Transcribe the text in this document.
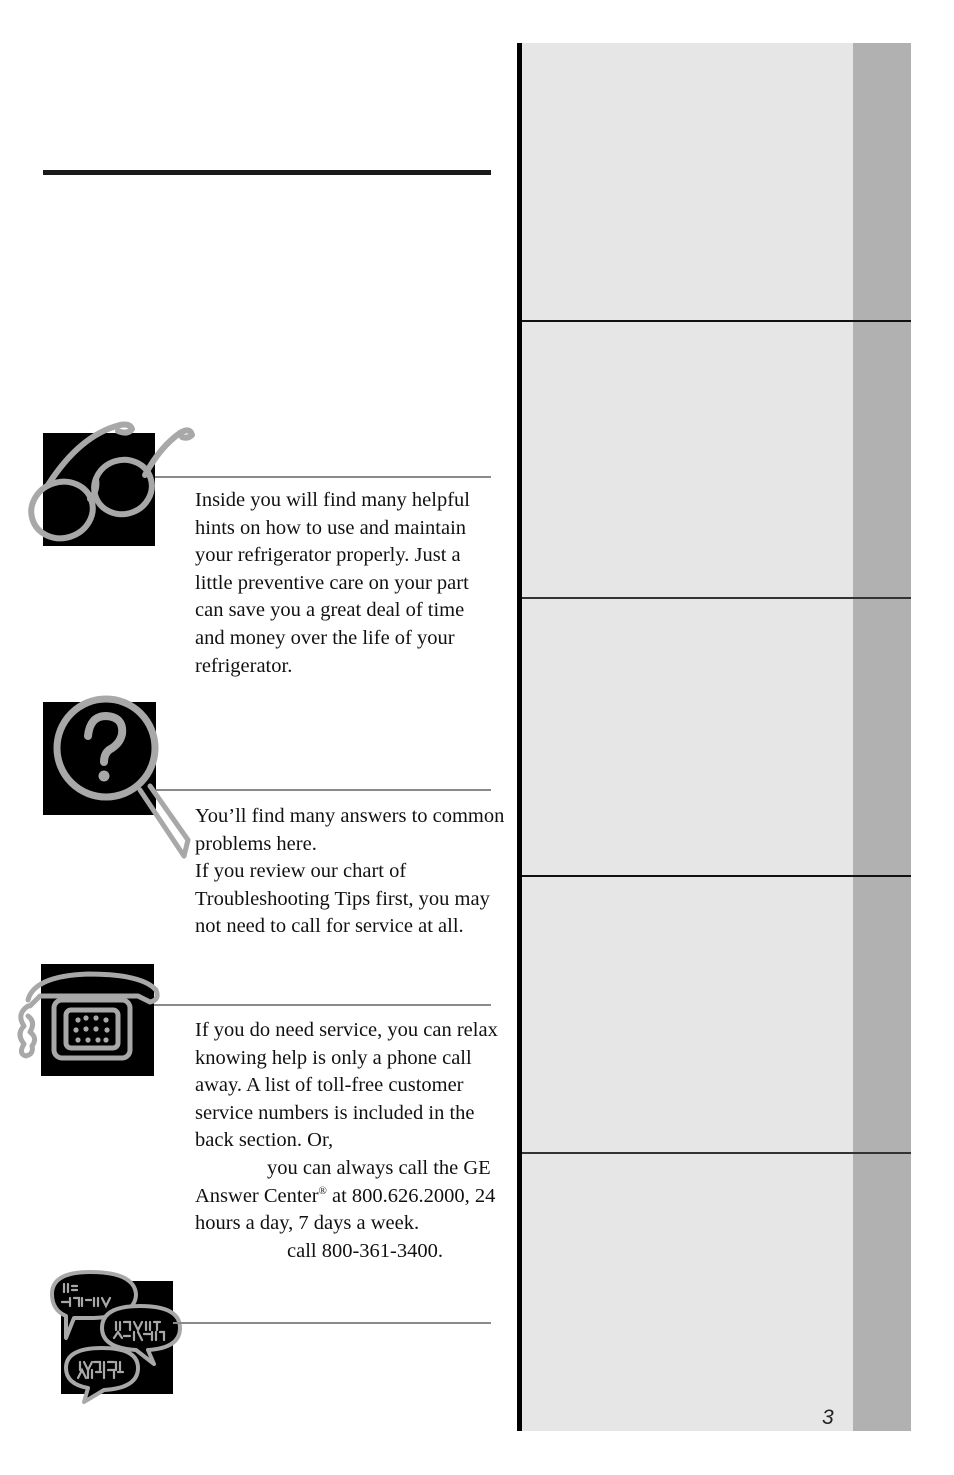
Inside you will find many helpful hints on how to use and maintain your refrigerator properly. Just a little preventive care on your part can save you a great deal of time and money over the life of your refrigerator.

You’ll find many answers to common problems here.

If you review our chart of Troubleshooting Tips first, you may not need to call for service at all.

If you do need service, you can relax knowing help is only a phone call away. A list of toll-free customer service numbers is included in the back section. Or,

you can always call the GE

Answer Center® at 800.626.2000, 24 hours a day, 7 days a week.

call 800-361-3400.

3
